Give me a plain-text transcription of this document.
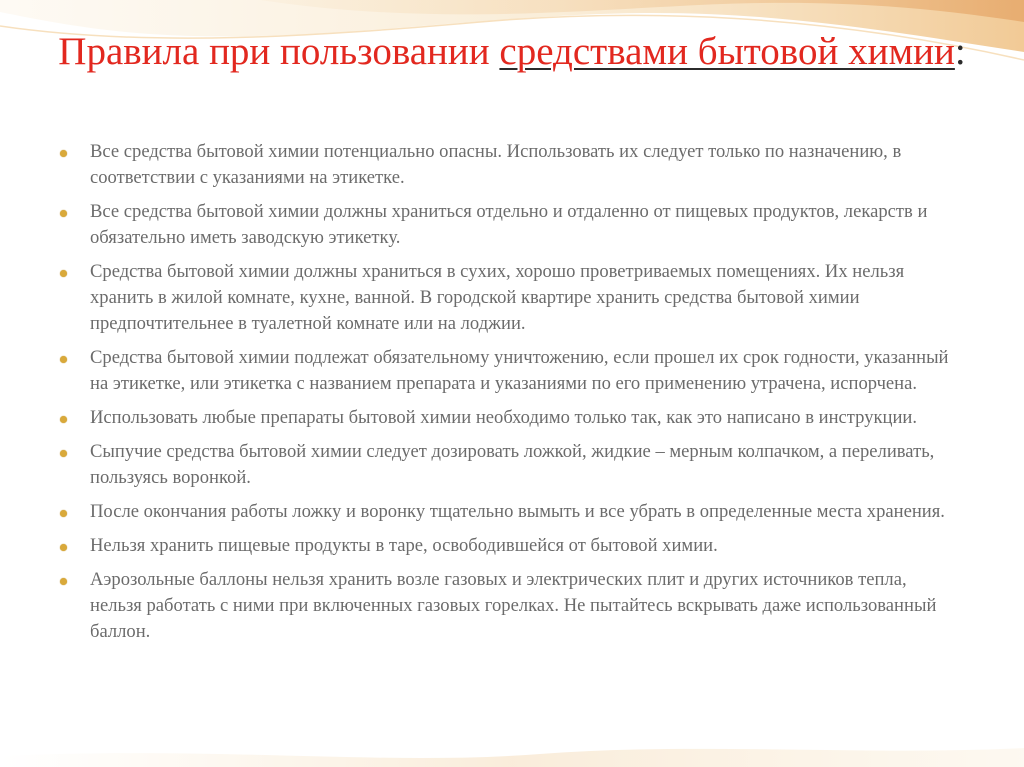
Правила при пользовании средствами бытовой химии:
Все средства бытовой химии потенциально опасны. Использовать их следует только по назначению, в соответствии с указаниями на этикетке.
Все средства бытовой химии должны храниться отдельно и отдаленно от пищевых продуктов, лекарств и обязательно иметь заводскую этикетку.
Средства бытовой химии должны храниться в сухих, хорошо проветриваемых помещениях. Их нельзя хранить в жилой комнате, кухне, ванной. В городской квартире хранить средства бытовой химии предпочтительнее в туалетной комнате или на лоджии.
Средства бытовой химии подлежат обязательному уничтожению, если прошел их срок годности, указанный на этикетке, или этикетка с названием препарата и указаниями по его применению утрачена, испорчена.
Использовать любые препараты бытовой химии необходимо только так, как это написано в инструкции.
Сыпучие средства бытовой химии следует дозировать ложкой, жидкие – мерным колпачком, а переливать, пользуясь воронкой.
После окончания работы ложку и воронку тщательно вымыть и все убрать в определенные места хранения.
Нельзя хранить пищевые продукты в таре, освободившейся от бытовой химии.
Аэрозольные баллоны нельзя хранить возле газовых и электрических плит и других источников тепла, нельзя работать с ними при включенных газовых горелках. Не пытайтесь вскрывать даже использованный баллон.
